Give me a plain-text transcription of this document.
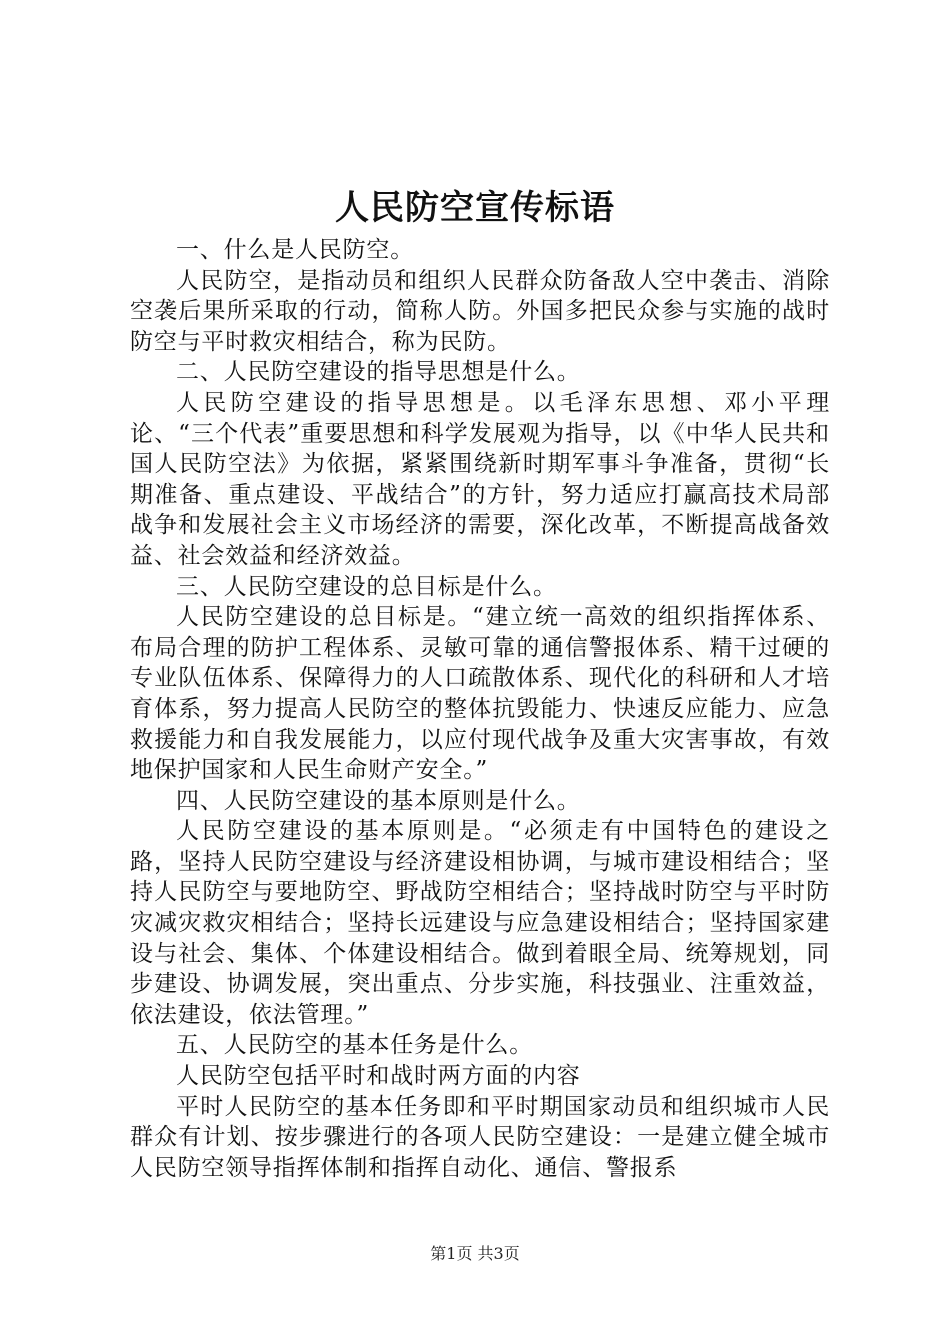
人民防空宣传标语

一、什么是人民防空。

人民防空，是指动员和组织人民群众防备敌人空中袭击、消除空袭后果所采取的行动，简称人防。外国多把民众参与实施的战时防空与平时救灾相结合，称为民防。

二、人民防空建设的指导思想是什么。

人民防空建设的指导思想是。以毛泽东思想、邓小平理论、“三个代表”重要思想和科学发展观为指导，以《中华人民共和国人民防空法》为依据，紧紧围绕新时期军事斗争准备，贯彻“长期准备、重点建设、平战结合”的方针，努力适应打赢高技术局部战争和发展社会主义市场经济的需要，深化改革，不断提高战备效益、社会效益和经济效益。

三、人民防空建设的总目标是什么。

人民防空建设的总目标是。“建立统一高效的组织指挥体系、布局合理的防护工程体系、灵敏可靠的通信警报体系、精干过硬的专业队伍体系、保障得力的人口疏散体系、现代化的科研和人才培育体系，努力提高人民防空的整体抗毁能力、快速反应能力、应急救援能力和自我发展能力，以应付现代战争及重大灾害事故，有效地保护国家和人民生命财产安全。”

四、人民防空建设的基本原则是什么。

人民防空建设的基本原则是。“必须走有中国特色的建设之路，坚持人民防空建设与经济建设相协调，与城市建设相结合；坚持人民防空与要地防空、野战防空相结合；坚持战时防空与平时防灾减灾救灾相结合；坚持长远建设与应急建设相结合；坚持国家建设与社会、集体、个体建设相结合。做到着眼全局、统筹规划，同步建设、协调发展，突出重点、分步实施，科技强业、注重效益，依法建设，依法管理。”

五、人民防空的基本任务是什么。

人民防空包括平时和战时两方面的内容

平时人民防空的基本任务即和平时期国家动员和组织城市人民群众有计划、按步骤进行的各项人民防空建设：一是建立健全城市人民防空领导指挥体制和指挥自动化、通信、警报系

第1页 共3页
